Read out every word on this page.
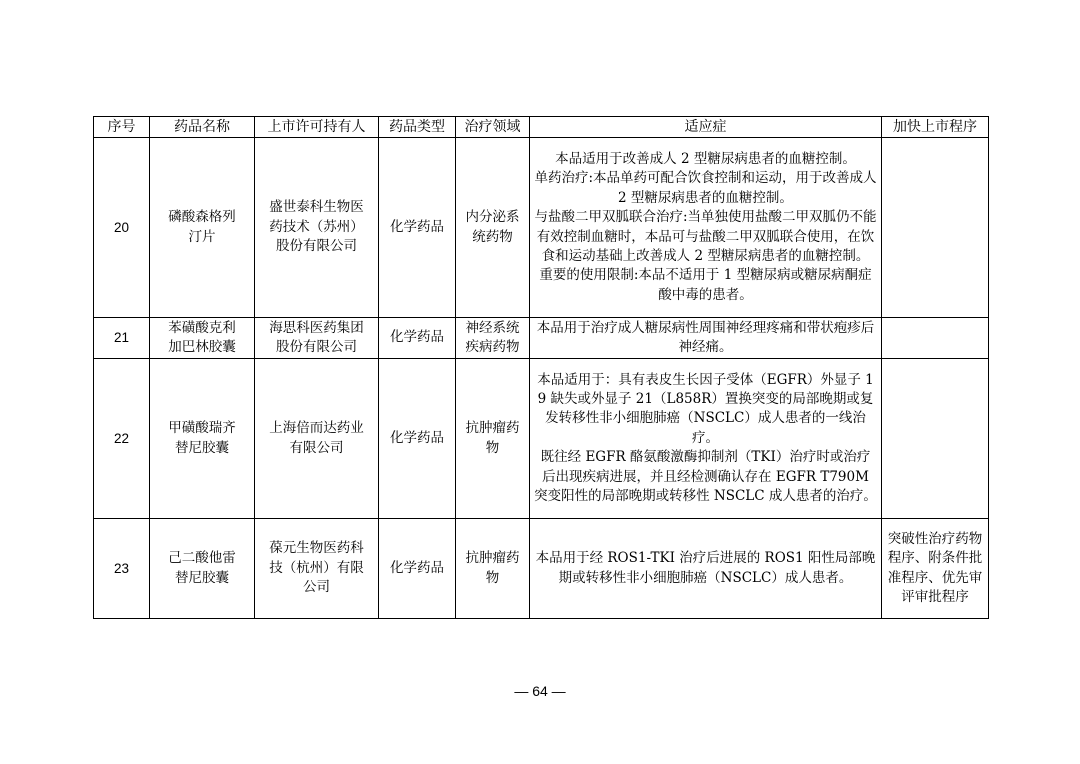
序号	药品名称	上市许可持有人	药品类型	治疗领域	适应症	加快上市程序
20	磷酸森格列汀片	盛世泰科生物医药技术（苏州）股份有限公司	化学药品	内分泌系统药物	本品适用于改善成人 2 型糖尿病患者的血糖控制。
单药治疗:本品单药可配合饮食控制和运动，用于改善成人 2 型糖尿病患者的血糖控制。
与盐酸二甲双胍联合治疗:当单独使用盐酸二甲双胍仍不能有效控制血糖时，本品可与盐酸二甲双胍联合使用，在饮食和运动基础上改善成人 2 型糖尿病患者的血糖控制。
重要的使用限制:本品不适用于 1 型糖尿病或糖尿病酮症酸中毒的患者。	

21	苯磺酸克利加巴林胶囊	海思科医药集团股份有限公司	化学药品	神经系统疾病药物	本品用于治疗成人糖尿病性周围神经理疼痛和带状疱疹后神经痛。	

22	甲磺酸瑞齐替尼胶囊	上海倍而达药业有限公司	化学药品	抗肿瘤药物	本品适用于：具有表皮生长因子受体（EGFR）外显子 19 缺失或外显子 21（L858R）置换突变的局部晚期或复发转移性非小细胞肺癌（NSCLC）成人患者的一线治疗。
既往经 EGFR 酪氨酸激酶抑制剂（TKI）治疗时或治疗后出现疾病进展，并且经检测确认存在 EGFR T790M 突变阳性的局部晚期或转移性 NSCLC 成人患者的治疗。	

23	己二酸他雷替尼胶囊	葆元生物医药科技（杭州）有限公司	化学药品	抗肿瘤药物	本品用于经 ROS1-TKI 治疗后进展的 ROS1 阳性局部晚期或转移性非小细胞肺癌（NSCLC）成人患者。	突破性治疗药物程序、附条件批准程序、优先审评审批程序
— 64 —
